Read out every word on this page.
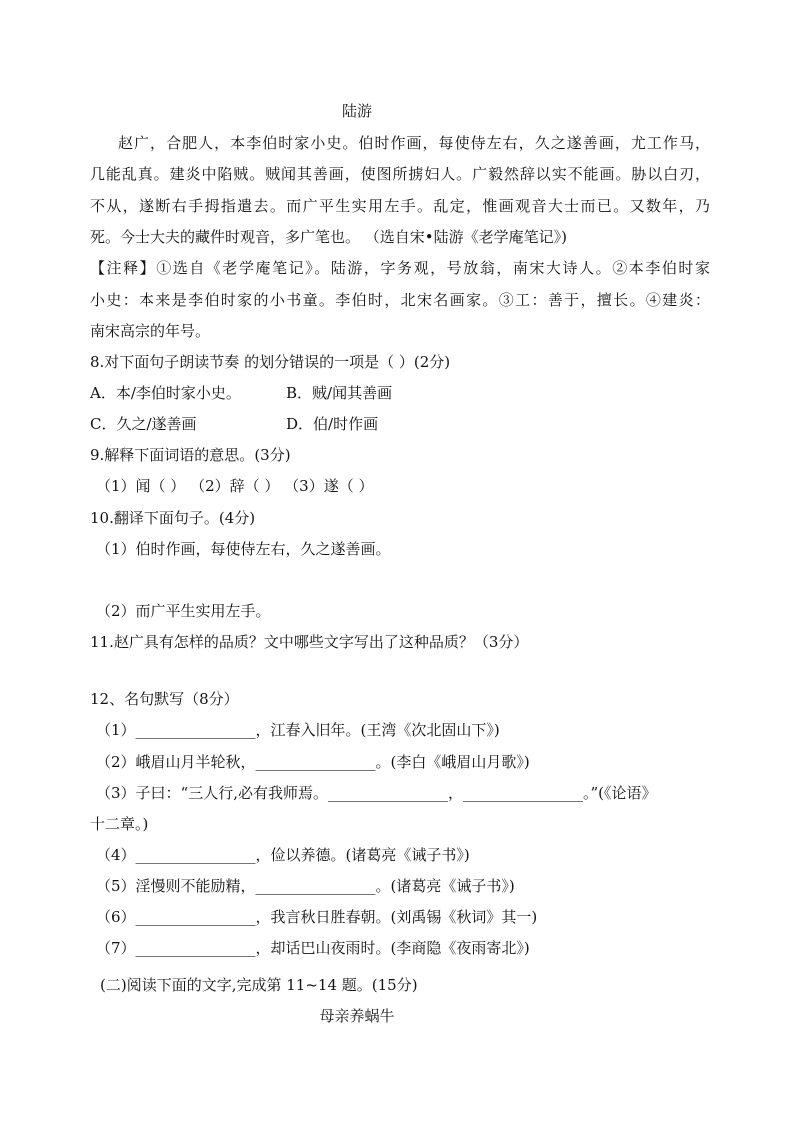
陆游
赵广，合肥人，本李伯时家小史。伯时作画，每使侍左右，久之遂善画，尤工作马，
几能乱真。建炎中陷贼。贼闻其善画，使图所掳妇人。广毅然辞以实不能画。胁以白刃，
不从，遂断右手拇指遣去。而广平生实用左手。乱定，惟画观音大士而已。又数年，乃
死。今士大夫的藏件时观音，多广笔也。 （选自宋•陆游《老学庵笔记》)
【注释】①选自《老学庵笔记》。陆游，字务观，号放翁，南宋大诗人。②本李伯时家
小史：本来是李伯时家的小书童。李伯时，北宋名画家。③工：善于，擅长。④建炎：
南宋高宗的年号。
8.对下面句子朗读节奏 的划分错误的一项是（ ）(2分)
A．本/李伯时家小史。	B．贼/闻其善画
C．久之/遂善画	D．伯/时作画
9.解释下面词语的意思。(3分)
（1）闻（ ） （2）辞（ ） （3）遂（ ）
10.翻译下面句子。(4分)
（1）伯时作画，每使侍左右，久之遂善画。
（2）而广平生实用左手。
11.赵广具有怎样的品质？文中哪些文字写出了这种品质？（3分）
12、名句默写（8分）
（1）________________，江春入旧年。(王湾《次北固山下》)
（2）峨眉山月半轮秋，________________。(李白《峨眉山月歌》)
（3）子曰：“三人行,必有我师焉。________________，________________。”(《论语》
十二章。)
（4）________________，俭以养德。(诸葛亮《诫子书》)
（5）淫慢则不能励精，________________。(诸葛亮《诫子书》)
（6）________________，我言秋日胜春朝。(刘禹锡《秋词》其一)
（7）________________，却话巴山夜雨时。(李商隐《夜雨寄北》)
(二)阅读下面的文字,完成第 11~14 题。(15分)
母亲养蜗牛
